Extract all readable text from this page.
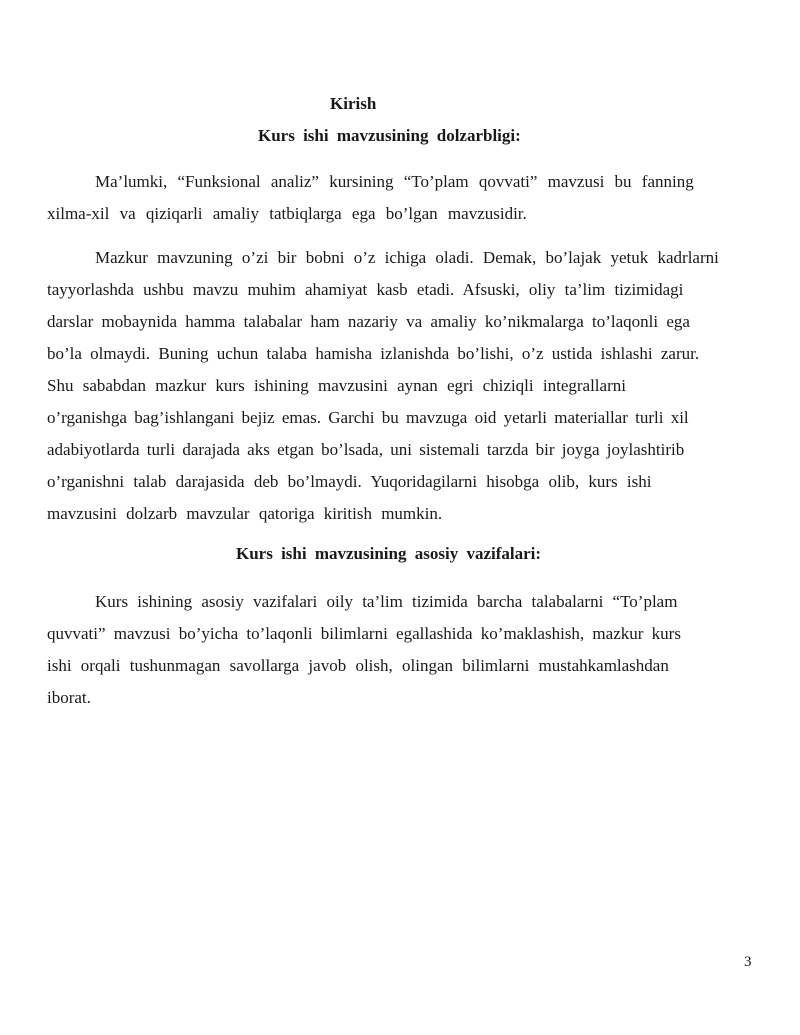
Kirish
Kurs ishi mavzusining dolzarbligi:
Ma’lumki, “Funksional analiz” kursining “To’plam qovvati” mavzusi bu fanning
xilma-xil va qiziqarli amaliy tatbiqlarga ega bo’lgan mavzusidir.
Mazkur mavzuning o’zi bir bobni o’z ichiga oladi. Demak, bo’lajak yetuk kadrlarni
tayyorlashda ushbu mavzu muhim ahamiyat kasb etadi. Afsuski, oliy ta’lim tizimidagi
darslar mobaynida hamma talabalar ham nazariy va amaliy ko’nikmalarga to’laqonli ega
bo’la olmaydi. Buning uchun talaba hamisha izlanishda bo’lishi, o’z ustida ishlashi zarur.
Shu sababdan mazkur kurs ishining mavzusini aynan egri chiziqli integrallarni
o’rganishga bag’ishlangani bejiz emas. Garchi bu mavzuga oid yetarli materiallar turli xil
adabiyotlarda turli darajada aks etgan bo’lsada, uni sistemali tarzda bir joyga joylashtirib
o’rganishni talab darajasida deb bo’lmaydi. Yuqoridagilarni hisobga olib, kurs ishi
mavzusini dolzarb mavzular qatoriga kiritish mumkin.
Kurs ishi mavzusining asosiy vazifalari:
Kurs ishining asosiy vazifalari oily ta’lim tizimida barcha talabalarni “To’plam
quvvati” mavzusi bo’yicha to’laqonli bilimlarni egallashida ko’maklashish, mazkur kurs
ishi orqali tushunmagan savollarga javob olish, olingan bilimlarni mustahkamlashdan
iborat.
3
